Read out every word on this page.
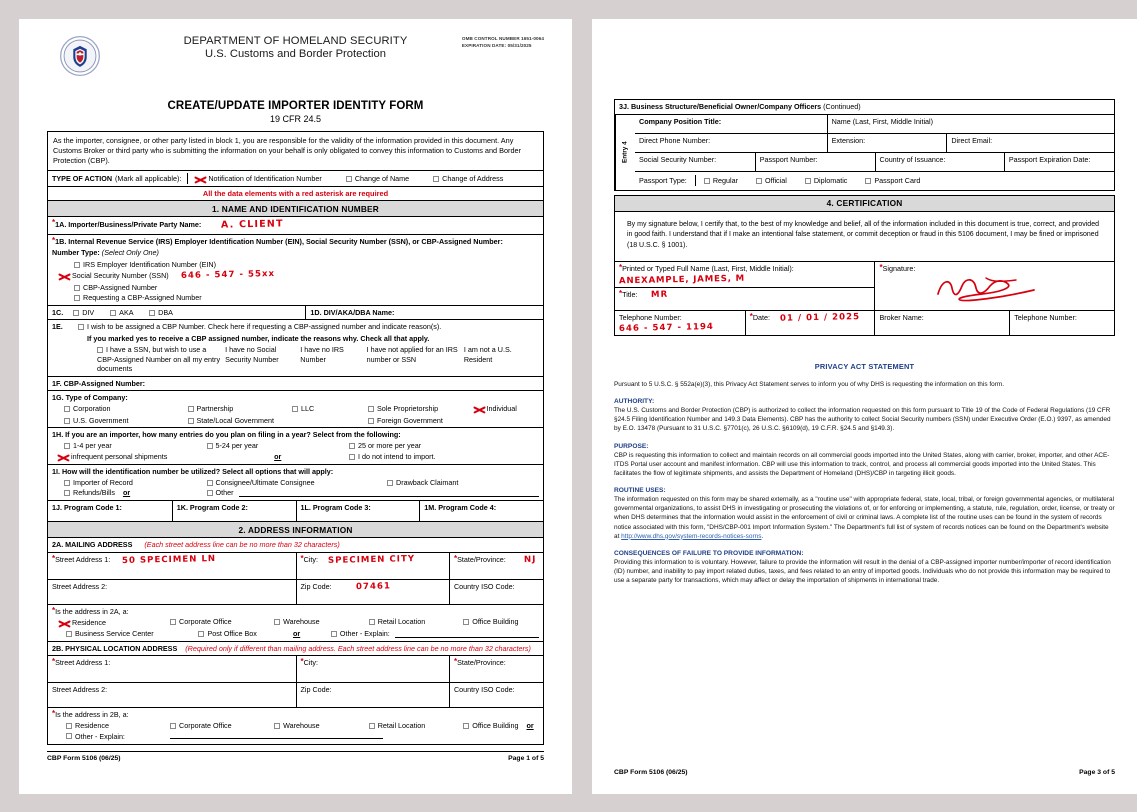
DEPARTMENT OF HOMELAND SECURITY
U.S. Customs and Border Protection
OMB CONTROL NUMBER 1651-0064
EXPIRATION DATE: 05/31/2025
CREATE/UPDATE IMPORTER IDENTITY FORM
19 CFR 24.5
As the importer, consignee, or other party listed in block 1, you are responsible for the validity of the information provided in this document. Any Customs Broker or third party who is submitting the information on your behalf is only obligated to convey this information to Customs and Border Protection (CBP).
TYPE OF ACTION (Mark all applicable):	Notification of Identification Number	Change of Name	Change of Address
All the data elements with a red asterisk are required
1. NAME AND IDENTIFICATION NUMBER
*1A. Importer/Business/Private Party Name: A. CLIENT
*1B. Internal Revenue Service (IRS) Employer Identification Number (EIN), Social Security Number (SSN), or CBP-Assigned Number:
Number Type: (Select Only One)
IRS Employer Identification Number (EIN)
Social Security Number (SSN) 646 - 547 - 55xx
CBP-Assigned Number
Requesting a CBP-Assigned Number
1C.	DIV	AKA	DBA	1D. DIV/AKA/DBA Name:
1E.	I wish to be assigned a CBP Number. Check here if requesting a CBP-assigned number and indicate reason(s).
If you marked yes to receive a CBP assigned number, indicate the reasons why. Check all that apply.
I have a SSN, but wish to use a CBP-Assigned Number on all my entry documents
I have no Social Security Number
I have no IRS Number
I have not applied for an IRS number or SSN
I am not a U.S. Resident
1F. CBP-Assigned Number:
1G. Type of Company:
Corporation	Partnership	LLC	Sole Proprietorship	Individual
U.S. Government	State/Local Government	Foreign Government
1H. If you are an importer, how many entries do you plan on filing in a year? Select from the following:
1-4 per year	5-24 per year	25 or more per year
infrequent personal shipments	or	I do not intend to import.
1I. How will the identification number be utilized? Select all options that will apply:
Importer of Record	Consignee/Ultimate Consignee	Drawback Claimant
Refunds/Bills or	Other
1J. Program Code 1:	1K. Program Code 2:	1L. Program Code 3:	1M. Program Code 4:
2. ADDRESS INFORMATION
2A. MAILING ADDRESS (Each street address line can be no more than 32 characters)
*Street Address 1: 50 SPECIMEN LN	*City: SPECIMEN CITY	*State/Province: NJ
Street Address 2:	Zip Code:	07461	Country ISO Code:
*Is the address in 2A, a:
Residence	Corporate Office	Warehouse	Retail Location	Office Building
Business Service Center	Post Office Box	or	Other - Explain:
2B. PHYSICAL LOCATION ADDRESS (Required only if different than mailing address. Each street address line can be no more than 32 characters)
*Street Address 1:	*City:	*State/Province:
Street Address 2:	Zip Code:	Country ISO Code:
*Is the address in 2B, a:
Residence	Corporate Office	Warehouse	Retail Location	Office Building or
Other - Explain:
CBP Form 5106 (06/25)	Page 1 of 5
3J. Business Structure/Beneficial Owner/Company Officers (Continued)
Entry 4
Company Position Title:	Name (Last, First, Middle Initial)
Direct Phone Number:	Extension:	Direct Email:
Social Security Number:	Passport Number:	Country of Issuance:	Passport Expiration Date:
Passport Type:	Regular	Official	Diplomatic	Passport Card
4. CERTIFICATION
By my signature below, I certify that, to the best of my knowledge and belief, all of the information included in this document is true, correct, and provided in good faith. I understand that if I make an intentional false statement, or commit deception or fraud in this 5106 document, I may be fined or imprisoned (18 U.S.C. § 1001).
*Printed or Typed Full Name (Last, First, Middle Initial): ANEXAMPLE, JAMES, M
*Title: MR
*Signature:
Telephone Number: 646 - 547 - 1194
*Date: 01 / 01 / 2025	Broker Name:	Telephone Number:
PRIVACY ACT STATEMENT
Pursuant to 5 U.S.C. § 552a(e)(3), this Privacy Act Statement serves to inform you of why DHS is requesting the information on this form.
AUTHORITY:
The U.S. Customs and Border Protection (CBP) is authorized to collect the information requested on this form pursuant to Title 19 of the Code of Federal Regulations (19 CFR §24.5 Filing Identification Number and 149.3 Data Elements). CBP has the authority to collect Social Security numbers (SSN) under Executive Order (E.O.) 9397, as amended by E.O. 13478 (Pursuant to 31 U.S.C. §7701(c), 26 U.S.C. §6109(d), 19 C.F.R. §24.5 and §149.3).
PURPOSE:
CBP is requesting this information to collect and maintain records on all commercial goods imported into the United States, along with carrier, broker, importer, and other ACE-ITDS Portal user account and manifest information. CBP will use this information to track, control, and process all commercial goods imported into the United States. This facilitates the flow of legitimate shipments, and assists the Department of Homeland (DHS)/CBP in targeting illicit goods.
ROUTINE USES:
The information requested on this form may be shared externally, as a "routine use" with appropriate federal, state, local, tribal, or foreign governmental agencies, or multilateral governmental organizations, to assist DHS in investigating or prosecuting the violations of, or for enforcing or implementing, a statute, rule, regulation, order, license, or treaty or when DHS determines that the information would assist in the enforcement of civil or criminal laws. A complete list of the routine uses can be found in the system of records notice associated with this form, "DHS/CBP-001 Import Information System." The Department's full list of system of records notices can be found on the Department's website at http://www.dhs.gov/system-records-notices-sorns.
CONSEQUENCES OF FAILURE TO PROVIDE INFORMATION:
Providing this information to is voluntary. However, failure to provide the information will result in the denial of a CBP-assigned importer number/importer of record identification (ID) number, and inability to pay import related duties, taxes, and fees related to an entry of imported goods. Individuals who do not provide this information may be required to use a separate party for transactions, which may affect or delay the importation of shipments in international trade.
CBP Form 5106 (06/25)	Page 3 of 5
